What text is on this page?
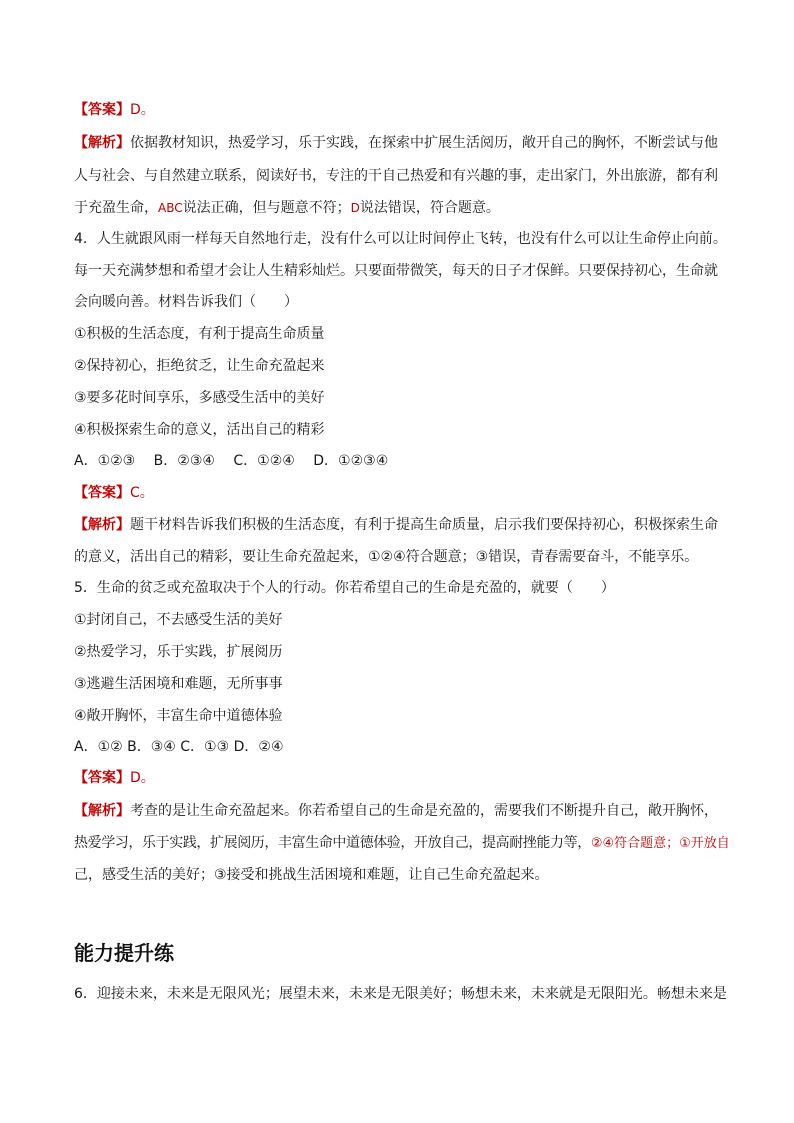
【答案】D。
【解析】依据教材知识，热爱学习，乐于实践，在探索中扩展生活阅历，敞开自己的胸怀，不断尝试与他
人与社会、与自然建立联系，阅读好书，专注的干自己热爱和有兴趣的事，走出家门，外出旅游，都有利
于充盈生命，ABC说法正确，但与题意不符；D说法错误，符合题意。
4．人生就跟风雨一样每天自然地行走，没有什么可以让时间停止飞转，也没有什么可以让生命停止向前。
每一天充满梦想和希望才会让人生精彩灿烂。只要面带微笑，每天的日子才保鲜。只要保持初心，生命就
会向暖向善。材料告诉我们（　　）
①积极的生活态度，有利于提高生命质量
②保持初心，拒绝贫乏，让生命充盈起来
③要多花时间享乐，多感受生活中的美好
④积极探索生命的意义，活出自己的精彩
A．①②③　 B．②③④　 C．①②④　 D．①②③④
【答案】C。
【解析】题干材料告诉我们积极的生活态度，有利于提高生命质量，启示我们要保持初心，积极探索生命
的意义，活出自己的精彩，要让生命充盈起来，①②④符合题意；③错误，青春需要奋斗，不能享乐。
5．生命的贫乏或充盈取决于个人的行动。你若希望自己的生命是充盈的，就要（　　）
①封闭自己，不去感受生活的美好
②热爱学习，乐于实践，扩展阅历
③逃避生活困境和难题，无所事事
④敞开胸怀，丰富生命中道德体验
A．①② B．③④ C．①③ D．②④
【答案】D。
【解析】考查的是让生命充盈起来。你若希望自己的生命是充盈的，需要我们不断提升自己，敞开胸怀，
热爱学习，乐于实践，扩展阅历，丰富生命中道德体验，开放自己，提高耐挫能力等，②④符合题意；①开放自
己，感受生活的美好；③接受和挑战生活困境和难题，让自己生命充盈起来。
能力提升练
6．迎接未来，未来是无限风光；展望未来，未来是无限美好；畅想未来，未来就是无限阳光。畅想未来是
